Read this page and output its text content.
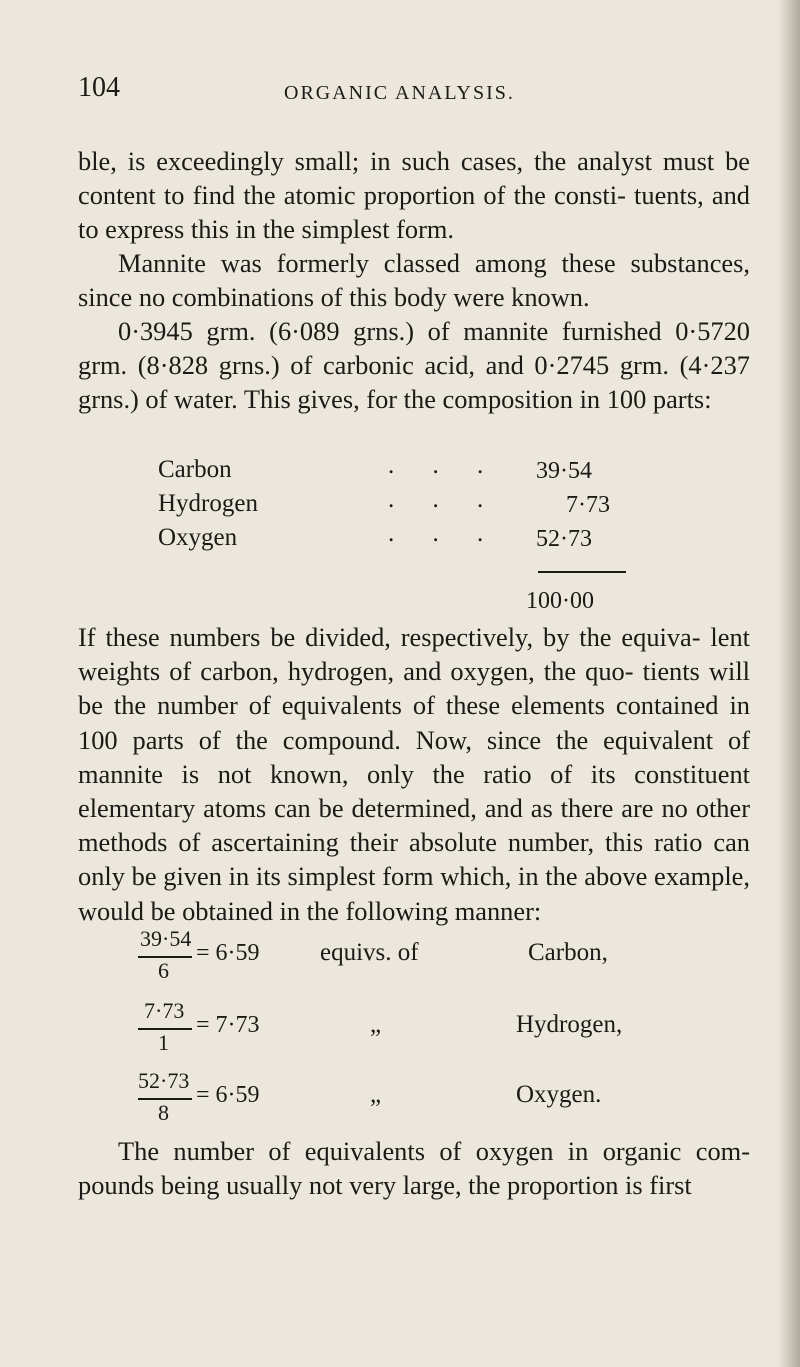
104	ORGANIC ANALYSIS.

ble, is exceedingly small; in such cases, the analyst must be content to find the atomic proportion of the consti- tuents, and to express this in the simplest form.

Mannite was formerly classed among these substances, since no combinations of this body were known.

0·3945 grm. (6·089 grns.) of mannite furnished 0·5720 grm. (8·828 grns.) of carbonic acid, and 0·2745 grm. (4·237 grns.) of water. This gives, for the composition in 100 parts:

Carbon	. . . 39·54
Hydrogen	. . .	7·73
Oxygen	. . . 52·73
100·00

If these numbers be divided, respectively, by the equiva- lent weights of carbon, hydrogen, and oxygen, the quo- tients will be the number of equivalents of these elements contained in 100 parts of the compound. Now, since the equivalent of mannite is not known, only the ratio of its constituent elementary atoms can be determined, and as there are no other methods of ascertaining their absolute number, this ratio can only be given in its simplest form which, in the above example, would be obtained in the following manner:

39·54
6
= 6·59 equivs. of	Carbon,
7·73
1
= 7·73	„	Hydrogen,
52·73
8
= 6·59	„	Oxygen.

The number of equivalents of oxygen in organic com- pounds being usually not very large, the proportion is first
